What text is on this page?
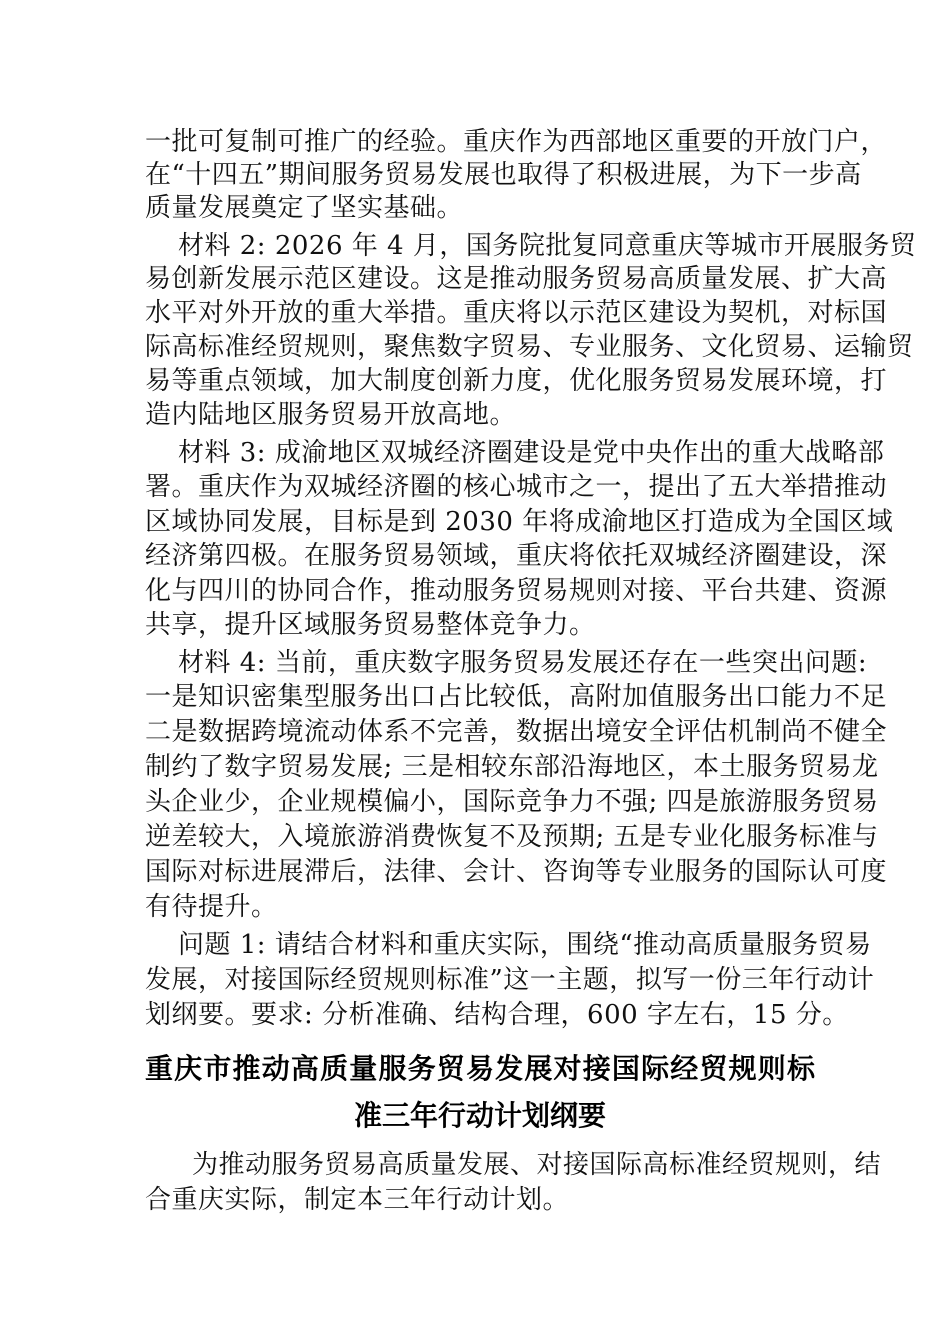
一批可复制可推广的经验。重庆作为西部地区重要的开放门户，
在“十四五”期间服务贸易发展也取得了积极进展，为下一步高
质量发展奠定了坚实基础。
材料 2: 2026 年 4 月，国务院批复同意重庆等城市开展服务贸
易创新发展示范区建设。这是推动服务贸易高质量发展、扩大高
水平对外开放的重大举措。重庆将以示范区建设为契机，对标国
际高标准经贸规则，聚焦数字贸易、专业服务、文化贸易、运输贸
易等重点领域，加大制度创新力度，优化服务贸易发展环境，打
造内陆地区服务贸易开放高地。
材料 3: 成渝地区双城经济圈建设是党中央作出的重大战略部
署。重庆作为双城经济圈的核心城市之一，提出了五大举措推动
区域协同发展，目标是到 2030 年将成渝地区打造成为全国区域
经济第四极。在服务贸易领域，重庆将依托双城经济圈建设，深
化与四川的协同合作，推动服务贸易规则对接、平台共建、资源
共享，提升区域服务贸易整体竞争力。
材料 4: 当前，重庆数字服务贸易发展还存在一些突出问题:
一是知识密集型服务出口占比较低，高附加值服务出口能力不足
二是数据跨境流动体系不完善，数据出境安全评估机制尚不健全
制约了数字贸易发展; 三是相较东部沿海地区，本土服务贸易龙
头企业少，企业规模偏小，国际竞争力不强; 四是旅游服务贸易
逆差较大，入境旅游消费恢复不及预期; 五是专业化服务标准与
国际对标进展滞后，法律、会计、咨询等专业服务的国际认可度
有待提升。
问题 1: 请结合材料和重庆实际，围绕“推动高质量服务贸易
发展，对接国际经贸规则标准”这一主题，拟写一份三年行动计
划纲要。要求: 分析准确、结构合理，600 字左右，15 分。
重庆市推动高质量服务贸易发展对接国际经贸规则标
准三年行动计划纲要
为推动服务贸易高质量发展、对接国际高标准经贸规则，结
合重庆实际，制定本三年行动计划。
